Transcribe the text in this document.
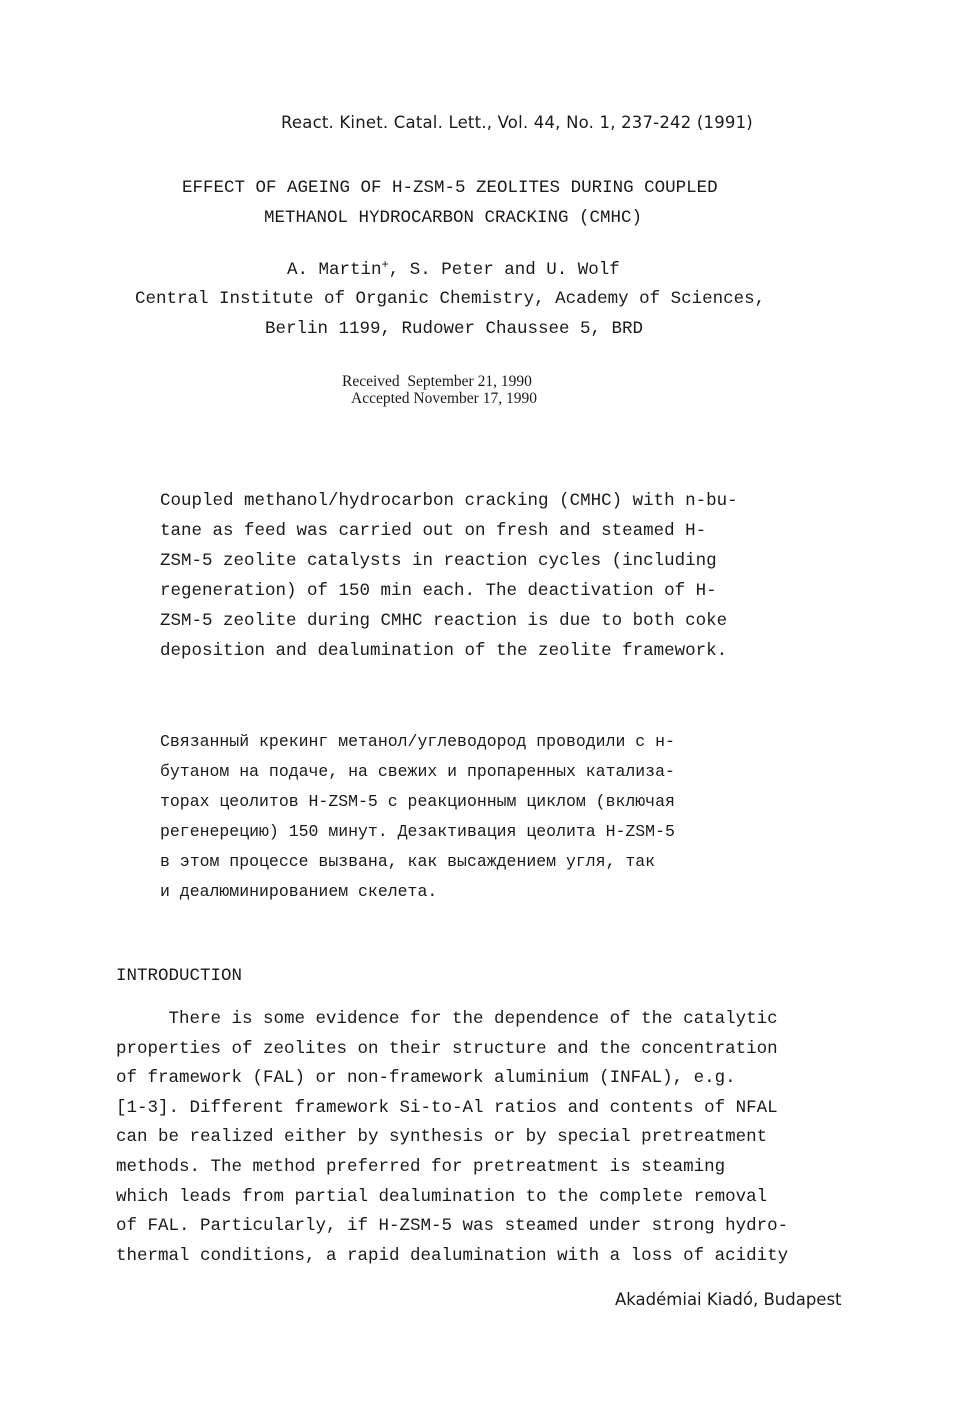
React. Kinet. Catal. Lett., Vol. 44, No. 1, 237-242 (1991)
EFFECT OF AGEING OF H-ZSM-5 ZEOLITES DURING COUPLED
METHANOL HYDROCARBON CRACKING (CMHC)
A. Martin+, S. Peter and U. Wolf
Central Institute of Organic Chemistry, Academy of Sciences,
Berlin 1199, Rudower Chaussee 5, BRD
Received  September 21, 1990
Accepted November 17, 1990
Coupled methanol/hydrocarbon cracking (CMHC) with n-bu-
tane as feed was carried out on fresh and steamed H-
ZSM-5 zeolite catalysts in reaction cycles (including
regeneration) of 150 min each. The deactivation of H-
ZSM-5 zeolite during CMHC reaction is due to both coke
deposition and dealumination of the zeolite framework.
Связанный крекинг метанол/углеводород проводили с н-
бутаном на подаче, на свежих и пропаренных катализа-
торах цеолитов H-ZSM-5 с реакционным циклом (включая
регенерецию) 150 минут. Дезактивация цеолита H-ZSM-5
в этом процессе вызвана, как высаждением угля, так
и деалюминированием скелета.
INTRODUCTION
There is some evidence for the dependence of the catalytic
properties of zeolites on their structure and the concentration
of framework (FAL) or non-framework aluminium (INFAL), e.g.
[1-3]. Different framework Si-to-Al ratios and contents of NFAL
can be realized either by synthesis or by special pretreatment
methods. The method preferred for pretreatment is steaming
which leads from partial dealumination to the complete removal
of FAL. Particularly, if H-ZSM-5 was steamed under strong hydro-
thermal conditions, a rapid dealumination with a loss of acidity
Akadémiai Kiadó, Budapest
